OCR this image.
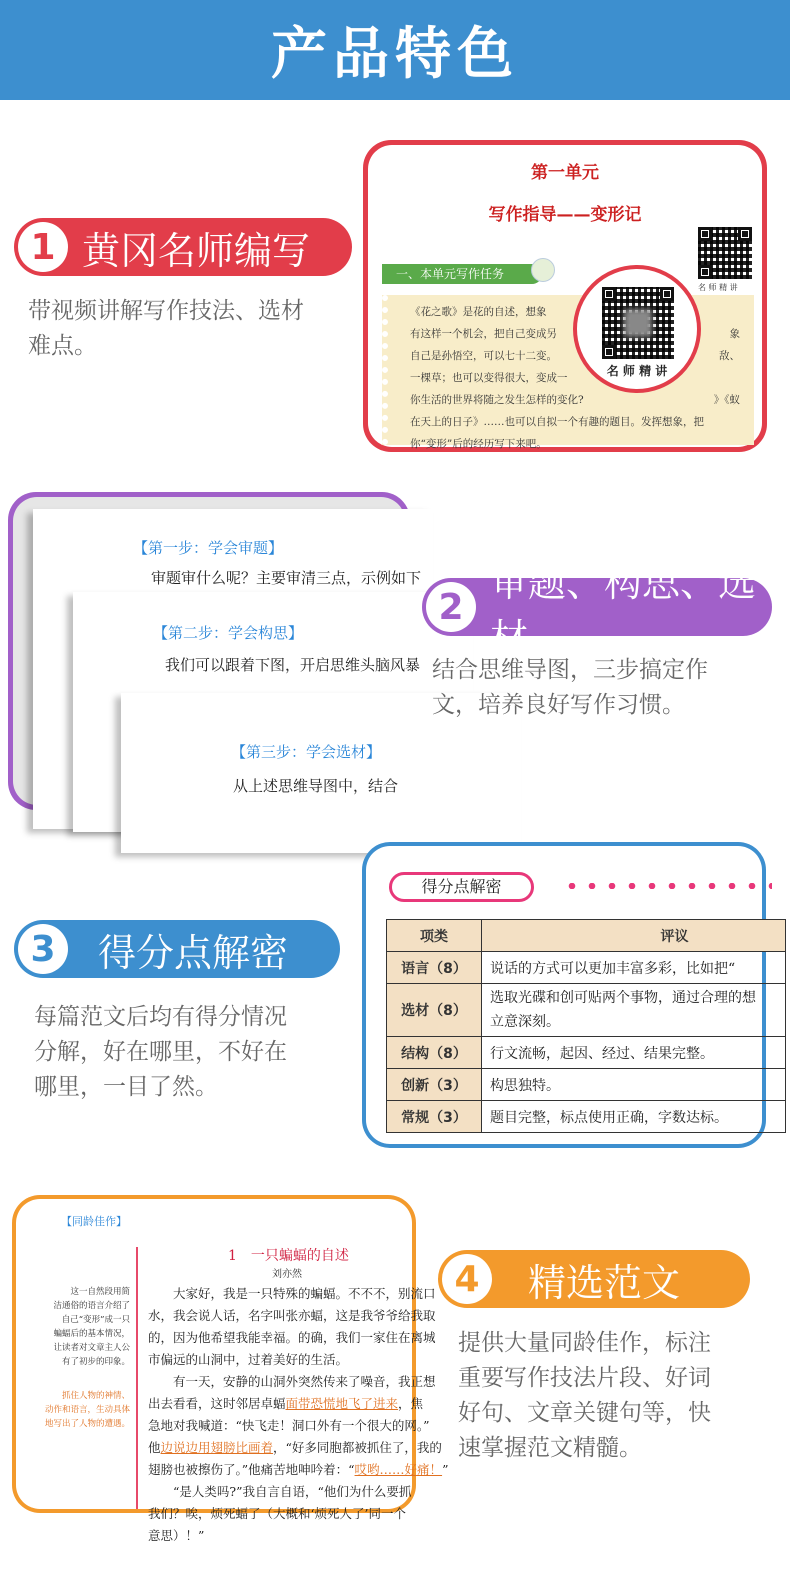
产品特色
1 黄冈名师编写
带视频讲解写作技法、选材
难点。
第一单元
写作指导——变形记
名 师 精 讲
一、本单元写作任务
《花之歌》是花的自述，想象
有这样一个机会，把自己变成另
自己是孙悟空，可以七十二变。
一棵草；也可以变得很大，变成一
你生活的世界将随之发生怎样的变化?
在天上的日子》……也可以自拟一个有趣的题目。发挥想象，把
你“变形”后的经历写下来吧。
象
敌、
》《蚁
名 师 精 讲
【第一步：学会审题】
审题审什么呢？主要审清三点，示例如下
【第二步：学会构思】
我们可以跟着下图，开启思维头脑风暴
【第三步：学会选材】
从上述思维导图中，结合
2
审题、构思、选材
结合思维导图，三步搞定作
文，培养良好写作习惯。
3	得分点解密
每篇范文后均有得分情况
分解，好在哪里，不好在
哪里，一目了然。
得分点解密
项类	评议
语言（8）	说话的方式可以更加丰富多彩，比如把“
选材（8）	选取光碟和创可贴两个事物，通过合理的想
立意深刻。

结构（8）	行文流畅，起因、经过、结果完整。
创新（3）	构思独特。
常规（3）	题目完整，标点使用正确，字数达标。
【同龄佳作】
1　一只蝙蝠的自述
刘亦然
这一自然段用简
洁通俗的语言介绍了
自己“变形”成一只
蝙蝠后的基本情况，
让读者对文章主人公
有了初步的印象。
抓住人物的神情、
动作和语言，生动具体
地写出了人物的遭遇。
大家好，我是一只特殊的蝙蝠。不不不，别流口
水，我会说人话，名字叫张亦蝠，这是我爷爷给我取
的，因为他希望我能幸福。的确，我们一家住在离城
市偏远的山洞中，过着美好的生活。
有一天，安静的山洞外突然传来了噪音，我正想
出去看看，这时邻居卓蝠面带恐慌地飞了进来，焦
急地对我喊道：“快飞走！洞口外有一个很大的网。”
他边说边用翅膀比画着，“好多同胞都被抓住了，我的
翅膀也被擦伤了。”他痛苦地呻吟着：“哎哟……好痛！”
“是人类吗?”我自言自语，“他们为什么要抓
我们？唉，烦死蝠了（大概和‘烦死人了’同一个
意思）！”
4	精选范文
提供大量同龄佳作，标注
重要写作技法片段、好词
好句、文章关键句等，快
速掌握范文精髓。
